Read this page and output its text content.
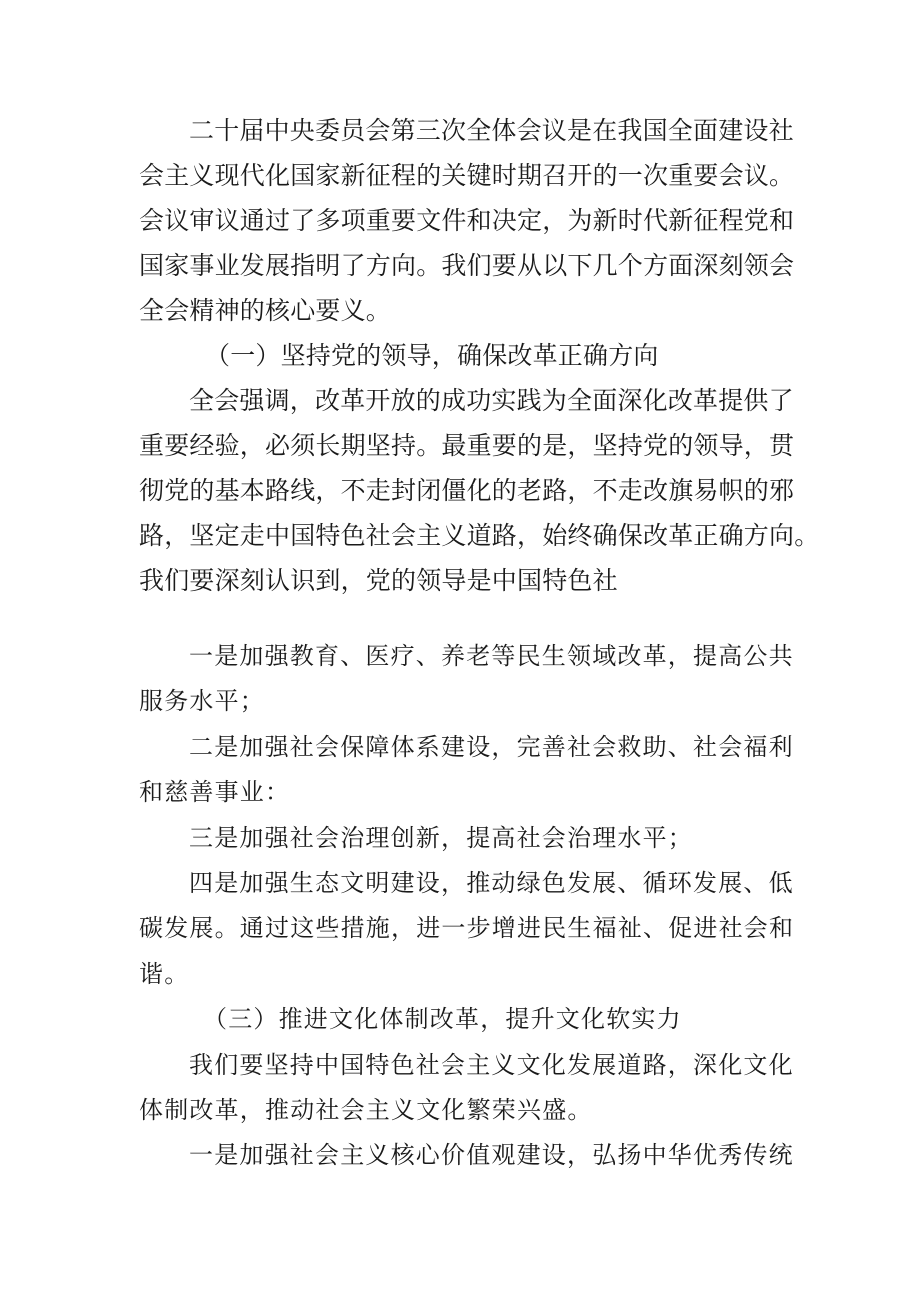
二十届中央委员会第三次全体会议是在我国全面建设社
会主义现代化国家新征程的关键时期召开的一次重要会议。
会议审议通过了多项重要文件和决定，为新时代新征程党和
国家事业发展指明了方向。我们要从以下几个方面深刻领会
全会精神的核心要义。
（一）坚持党的领导，确保改革正确方向
全会强调，改革开放的成功实践为全面深化改革提供了
重要经验，必须长期坚持。最重要的是，坚持党的领导，贯
彻党的基本路线，不走封闭僵化的老路，不走改旗易帜的邪
路，坚定走中国特色社会主义道路，始终确保改革正确方向。
我们要深刻认识到，党的领导是中国特色社
一是加强教育、医疗、养老等民生领域改革，提高公共
服务水平；
二是加强社会保障体系建设，完善社会救助、社会福利
和慈善事业：
三是加强社会治理创新，提高社会治理水平；
四是加强生态文明建设，推动绿色发展、循环发展、低
碳发展。通过这些措施，进一步增进民生福祉、促进社会和
谐。
（三）推进文化体制改革，提升文化软实力
我们要坚持中国特色社会主义文化发展道路，深化文化
体制改革，推动社会主义文化繁荣兴盛。
一是加强社会主义核心价值观建设，弘扬中华优秀传统
